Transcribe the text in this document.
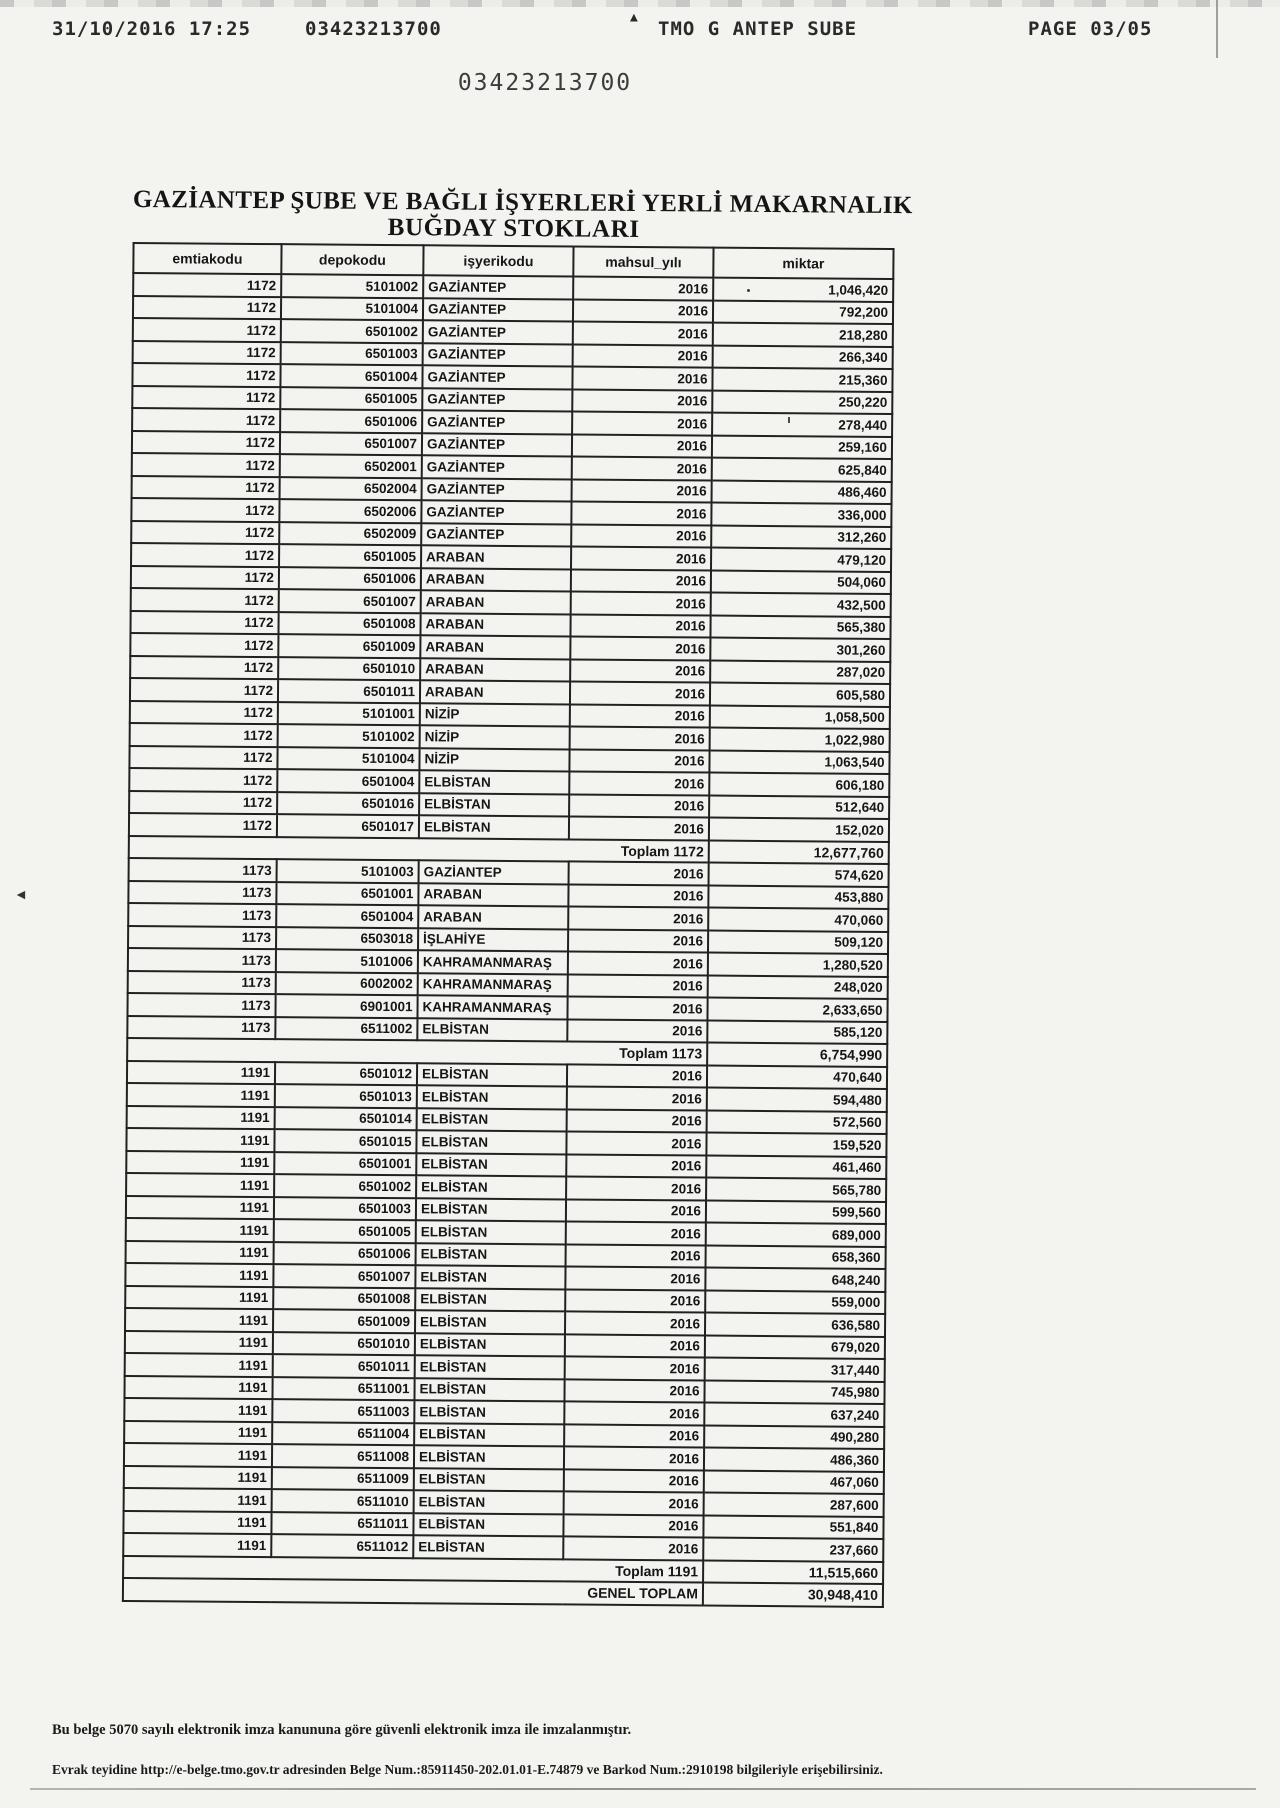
31/10/2016 17:25	03423213700
▲
TMO G ANTEP SUBE	PAGE 03/05
03423213700
GAZİANTEP ŞUBE VE BAĞLI İŞYERLERİ YERLİ MAKARNALIK
BUĞDAY STOKLARI
emtiakodu	depokodu	işyerikodu	mahsul_yılı	miktar
1172	5101002	GAZİANTEP	2016	1,046,420
1172	5101004	GAZİANTEP	2016	792,200
1172	6501002	GAZİANTEP	2016	218,280
1172	6501003	GAZİANTEP	2016	266,340
1172	6501004	GAZİANTEP	2016	215,360
1172	6501005	GAZİANTEP	2016	250,220
1172	6501006	GAZİANTEP	2016	278,440
1172	6501007	GAZİANTEP	2016	259,160
1172	6502001	GAZİANTEP	2016	625,840
1172	6502004	GAZİANTEP	2016	486,460
1172	6502006	GAZİANTEP	2016	336,000
1172	6502009	GAZİANTEP	2016	312,260
1172	6501005	ARABAN	2016	479,120
1172	6501006	ARABAN	2016	504,060
1172	6501007	ARABAN	2016	432,500
1172	6501008	ARABAN	2016	565,380
1172	6501009	ARABAN	2016	301,260
1172	6501010	ARABAN	2016	287,020
1172	6501011	ARABAN	2016	605,580
1172	5101001	NİZİP	2016	1,058,500
1172	5101002	NİZİP	2016	1,022,980
1172	5101004	NİZİP	2016	1,063,540
1172	6501004	ELBİSTAN	2016	606,180
1172	6501016	ELBİSTAN	2016	512,640
1172	6501017	ELBİSTAN	2016	152,020
Toplam 1172				12,677,760
1173	5101003	GAZİANTEP	2016	574,620
1173	6501001	ARABAN	2016	453,880
1173	6501004	ARABAN	2016	470,060
1173	6503018	İŞLAHİYE	2016	509,120
1173	5101006	KAHRAMANMARAŞ	2016	1,280,520
1173	6002002	KAHRAMANMARAŞ	2016	248,020
1173	6901001	KAHRAMANMARAŞ	2016	2,633,650
1173	6511002	ELBİSTAN	2016	585,120
Toplam 1173				6,754,990
1191	6501012	ELBİSTAN	2016	470,640
1191	6501013	ELBİSTAN	2016	594,480
1191	6501014	ELBİSTAN	2016	572,560
1191	6501015	ELBİSTAN	2016	159,520
1191	6501001	ELBİSTAN	2016	461,460
1191	6501002	ELBİSTAN	2016	565,780
1191	6501003	ELBİSTAN	2016	599,560
1191	6501005	ELBİSTAN	2016	689,000
1191	6501006	ELBİSTAN	2016	658,360
1191	6501007	ELBİSTAN	2016	648,240
1191	6501008	ELBİSTAN	2016	559,000
1191	6501009	ELBİSTAN	2016	636,580
1191	6501010	ELBİSTAN	2016	679,020
1191	6501011	ELBİSTAN	2016	317,440
1191	6511001	ELBİSTAN	2016	745,980
1191	6511003	ELBİSTAN	2016	637,240
1191	6511004	ELBİSTAN	2016	490,280
1191	6511008	ELBİSTAN	2016	486,360
1191	6511009	ELBİSTAN	2016	467,060
1191	6511010	ELBİSTAN	2016	287,600
1191	6511011	ELBİSTAN	2016	551,840
1191	6511012	ELBİSTAN	2016	237,660
Toplam 1191				11,515,660
GENEL TOPLAM				30,948,410
◄
Bu belge 5070 sayılı elektronik imza kanununa göre güvenli elektronik imza ile imzalanmıştır.
Evrak teyidine http://e-belge.tmo.gov.tr adresinden Belge Num.:85911450-202.01.01-E.74879 ve Barkod Num.:2910198 bilgileriyle erişebilirsiniz.
